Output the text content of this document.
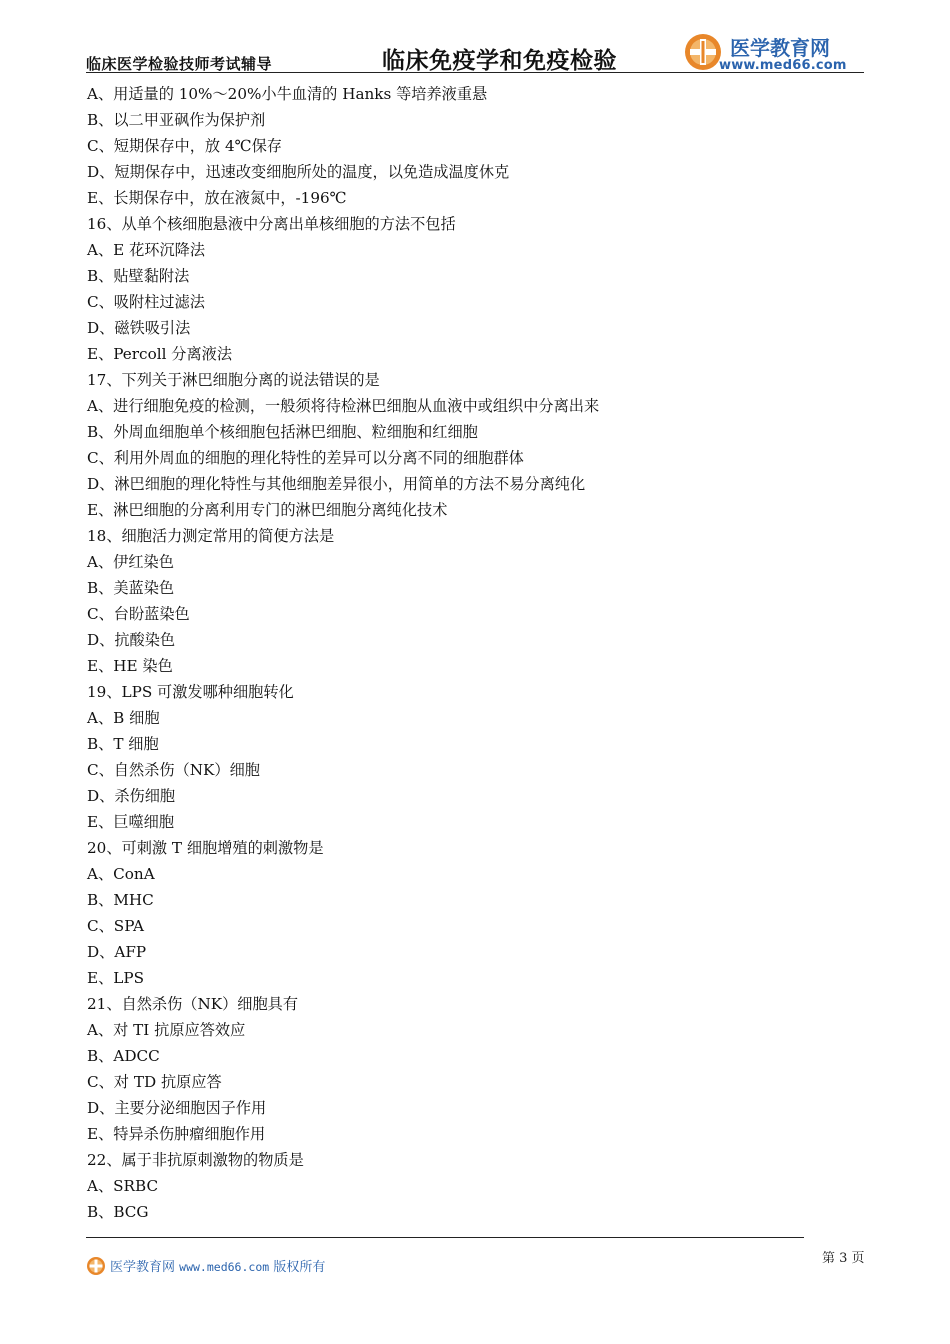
临床医学检验技师考试辅导	临床免疫学和免疫检验	医学教育网
www.med66.com
A、用适量的 10%～20%小牛血清的 Hanks 等培养液重悬
B、以二甲亚砜作为保护剂
C、短期保存中，放 4℃保存
D、短期保存中，迅速改变细胞所处的温度，以免造成温度休克
E、长期保存中，放在液氮中，-196℃
16、从单个核细胞悬液中分离出单核细胞的方法不包括
A、E 花环沉降法
B、贴壁黏附法
C、吸附柱过滤法
D、磁铁吸引法
E、Percoll 分离液法
17、下列关于淋巴细胞分离的说法错误的是
A、进行细胞免疫的检测，一般须将待检淋巴细胞从血液中或组织中分离出来
B、外周血细胞单个核细胞包括淋巴细胞、粒细胞和红细胞
C、利用外周血的细胞的理化特性的差异可以分离不同的细胞群体
D、淋巴细胞的理化特性与其他细胞差异很小，用简单的方法不易分离纯化
E、淋巴细胞的分离利用专门的淋巴细胞分离纯化技术
18、细胞活力测定常用的简便方法是
A、伊红染色
B、美蓝染色
C、台盼蓝染色
D、抗酸染色
E、HE 染色
19、LPS 可激发哪种细胞转化
A、B 细胞
B、T 细胞
C、自然杀伤（NK）细胞
D、杀伤细胞
E、巨噬细胞
20、可刺激 T 细胞增殖的刺激物是
A、ConA
B、MHC
C、SPA
D、AFP
E、LPS
21、自然杀伤（NK）细胞具有
A、对 TI 抗原应答效应
B、ADCC
C、对 TD 抗原应答
D、主要分泌细胞因子作用
E、特异杀伤肿瘤细胞作用
22、属于非抗原刺激物的物质是
A、SRBC
B、BCG
医学教育网 www.med66.com 版权所有
第 3 页
